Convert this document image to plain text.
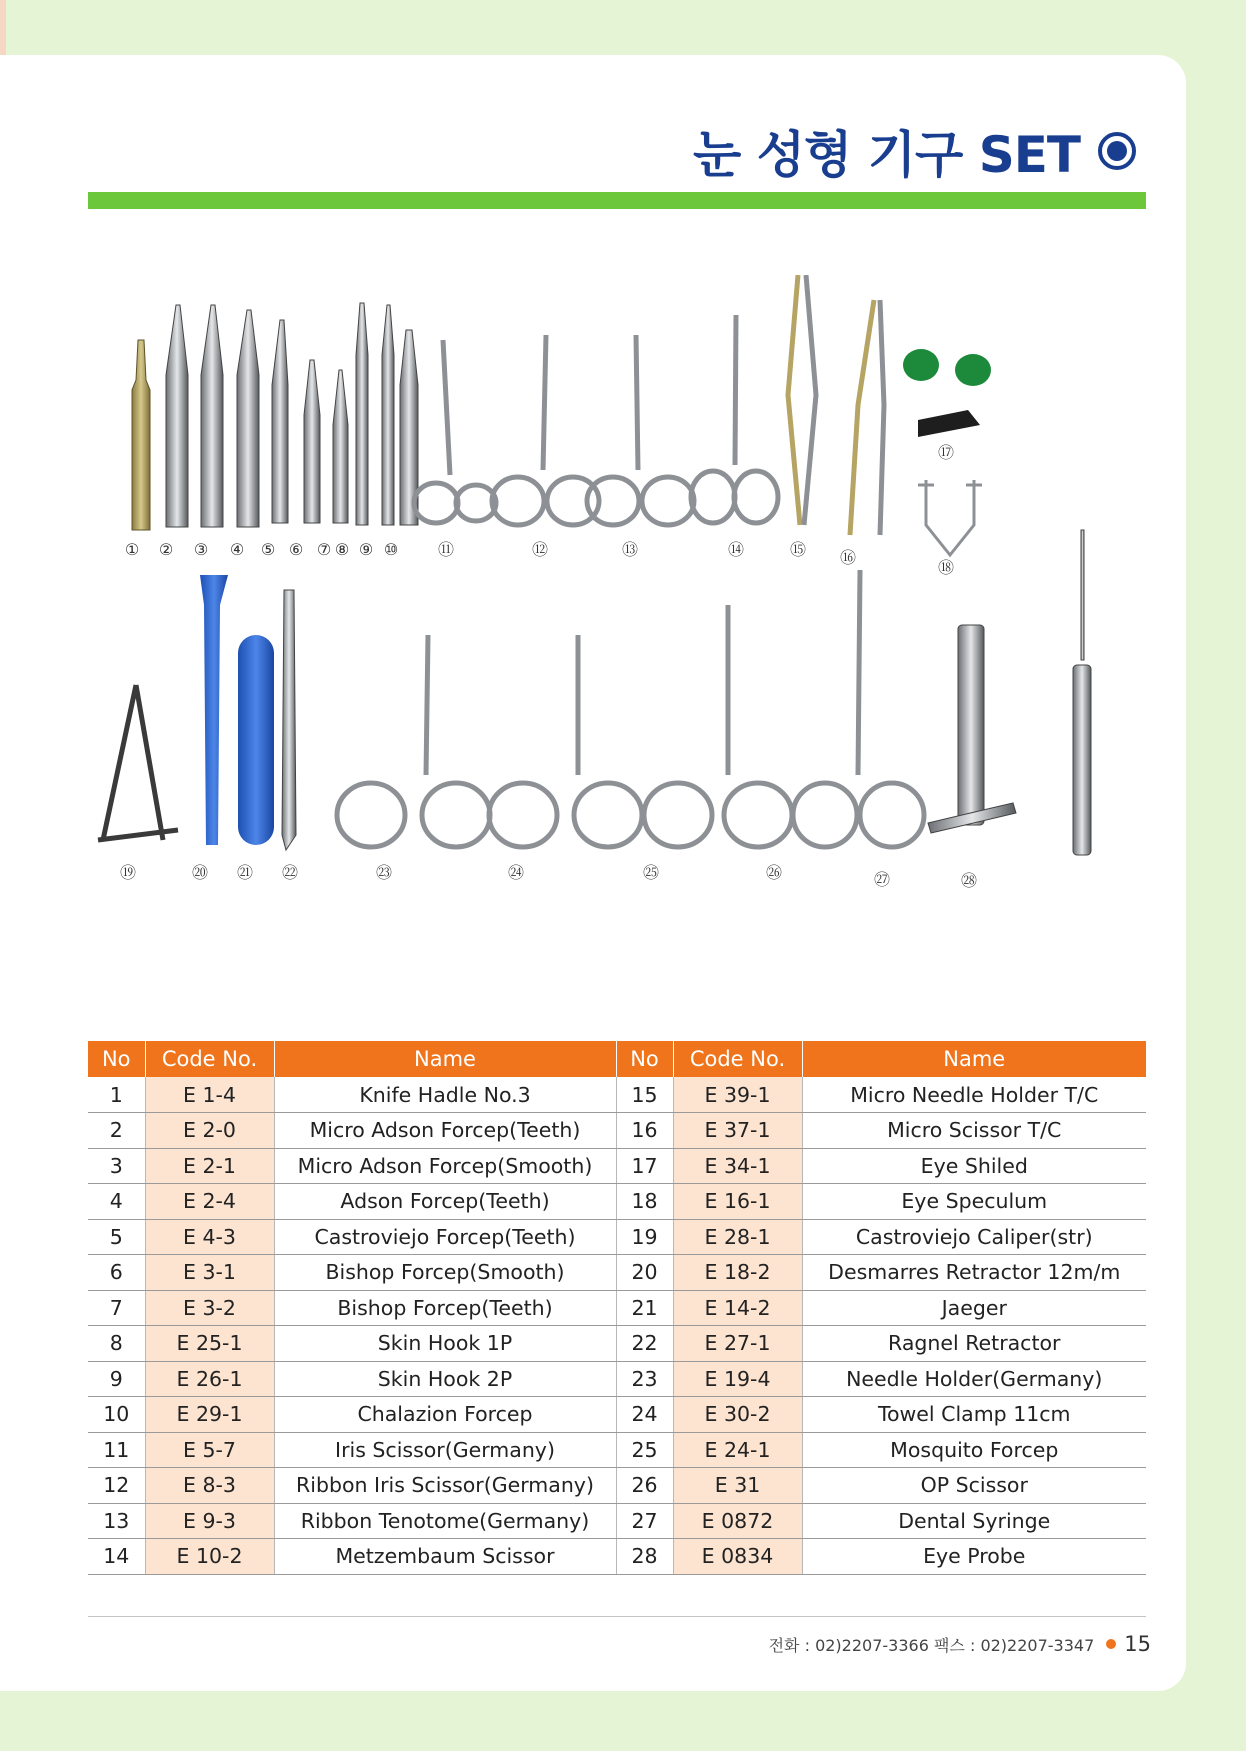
눈 성형 기구 SET
① ② ③ ④ ⑤ ⑥ ⑦ ⑧ ⑨ ⑩ ⑪	⑫	⑬	⑭	⑮ ⑯
⑰
⑱
⑲	⑳ ㉑ ㉒	㉓	㉔	㉕	㉖	㉗	㉘
No	Code No.	Name	No	Code No.	Name
1	E 1-4	Knife Hadle No.3	15	E 39-1	Micro Needle Holder T/C
2	E 2-0	Micro Adson Forcep(Teeth)	16	E 37-1	Micro Scissor T/C
3	E 2-1	Micro Adson Forcep(Smooth)	17	E 34-1	Eye Shiled
4	E 2-4	Adson Forcep(Teeth)	18	E 16-1	Eye Speculum
5	E 4-3	Castroviejo Forcep(Teeth)	19	E 28-1	Castroviejo Caliper(str)
6	E 3-1	Bishop Forcep(Smooth)	20	E 18-2	Desmarres Retractor 12m/m
7	E 3-2	Bishop Forcep(Teeth)	21	E 14-2	Jaeger
8	E 25-1	Skin Hook 1P	22	E 27-1	Ragnel Retractor
9	E 26-1	Skin Hook 2P	23	E 19-4	Needle Holder(Germany)
10	E 29-1	Chalazion Forcep	24	E 30-2	Towel Clamp 11cm
11	E 5-7	Iris Scissor(Germany)	25	E 24-1	Mosquito Forcep
12	E 8-3	Ribbon Iris Scissor(Germany)	26	E 31	OP Scissor
13	E 9-3	Ribbon Tenotome(Germany)	27	E 0872	Dental Syringe
14	E 10-2	Metzembaum Scissor	28	E 0834	Eye Probe
전화 : 02)2207-3366 팩스 : 02)2207-3347 15
